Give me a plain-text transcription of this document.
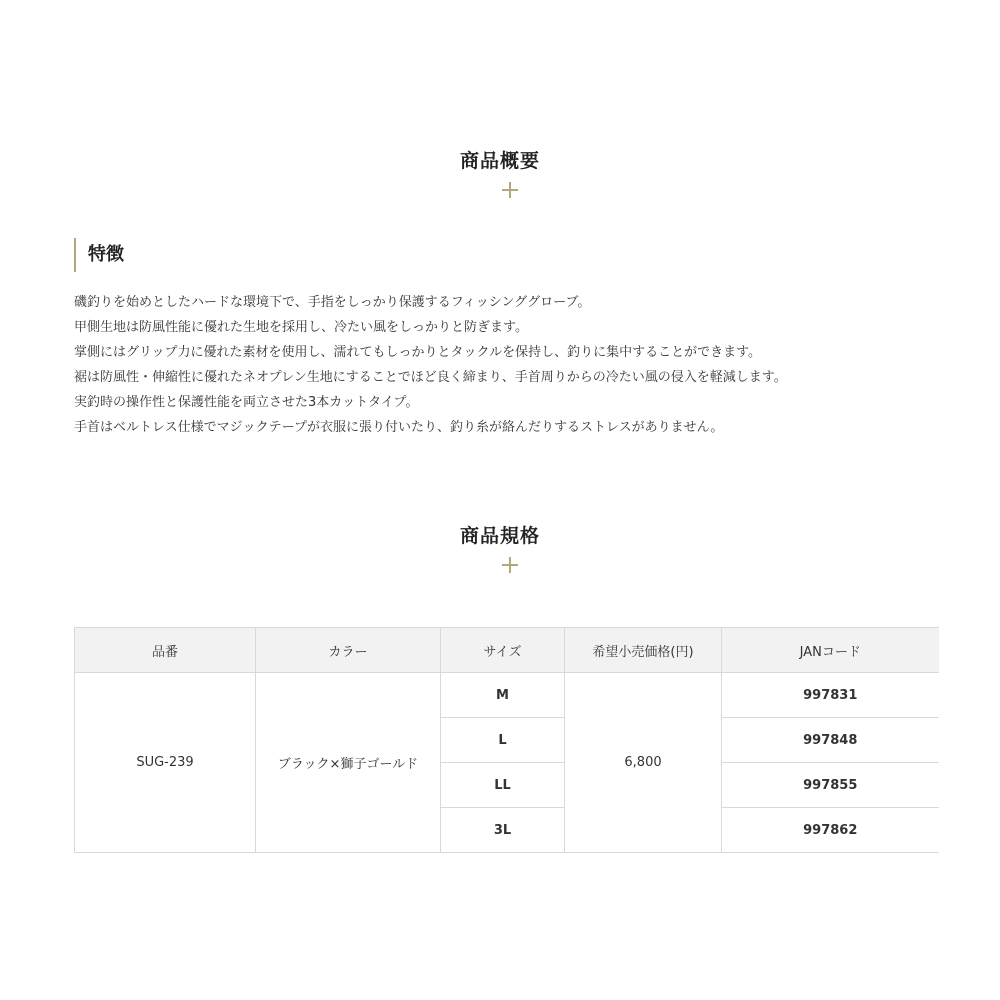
商品概要
特徴
磯釣りを始めとしたハードな環境下で、手指をしっかり保護するフィッシンググローブ。
甲側生地は防風性能に優れた生地を採用し、冷たい風をしっかりと防ぎます。
掌側にはグリップ力に優れた素材を使用し、濡れてもしっかりとタックルを保持し、釣りに集中することができます。
裾は防風性・伸縮性に優れたネオプレン生地にすることでほど良く締まり、手首周りからの冷たい風の侵入を軽減します。
実釣時の操作性と保護性能を両立させた3本カットタイプ。
手首はベルトレス仕様でマジックテープが衣服に張り付いたり、釣り糸が絡んだりするストレスがありません。
商品規格
品番	カラー	サイズ	希望小売価格(円)	JANコード
SUG-239	ブラック×獅子ゴールド	M	6,800	997831
		L		997848
		LL		997855
		3L		997862
